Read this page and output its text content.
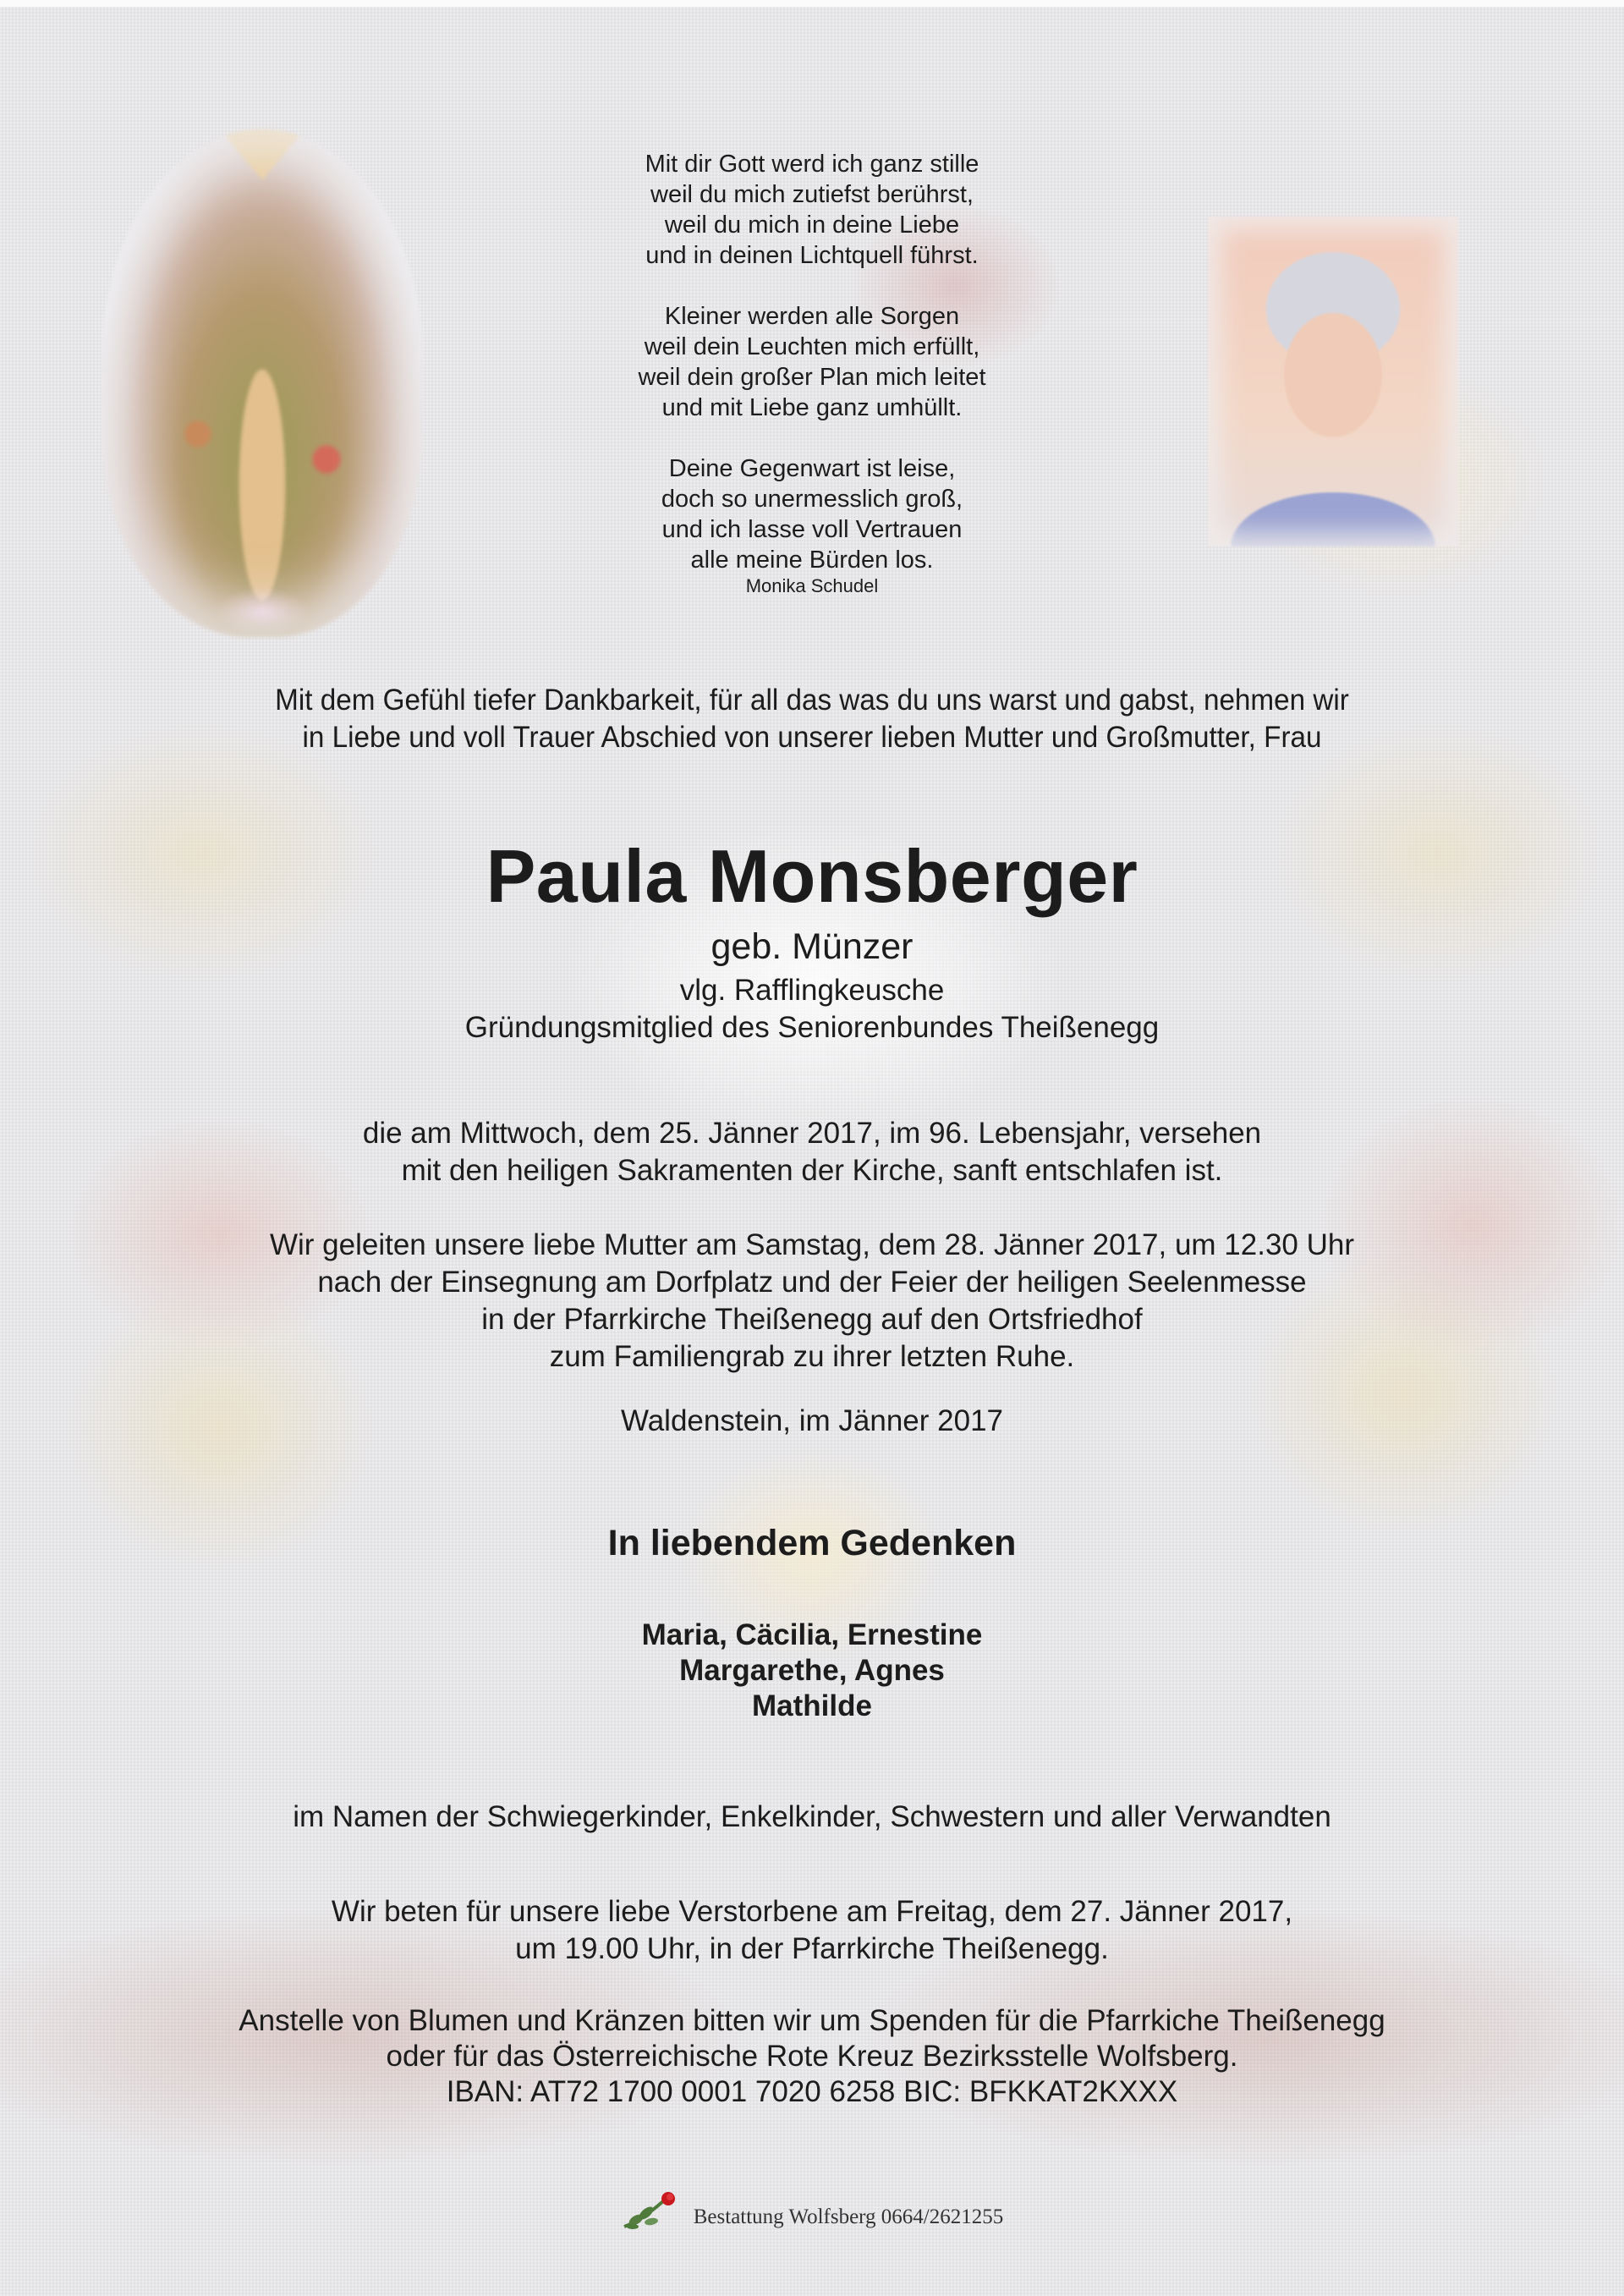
Mit dir Gott werd ich ganz stille
weil du mich zutiefst berührst,
weil du mich in deine Liebe
und in deinen Lichtquell führst.

Kleiner werden alle Sorgen
weil dein Leuchten mich erfüllt,
weil dein großer Plan mich leitet
und mit Liebe ganz umhüllt.

Deine Gegenwart ist leise,
doch so unermesslich groß,
und ich lasse voll Vertrauen
alle meine Bürden los.

Monika Schudel

Mit dem Gefühl tiefer Dankbarkeit, für all das was du uns warst und gabst, nehmen wir
in Liebe und voll Trauer Abschied von unserer lieben Mutter und Großmutter, Frau
Paula Monsberger
geb. Münzer
vlg. Rafflingkeusche
Gründungsmitglied des Seniorenbundes Theißenegg
die am Mittwoch, dem 25. Jänner 2017, im 96. Lebensjahr, versehen
mit den heiligen Sakramenten der Kirche, sanft entschlafen ist.
Wir geleiten unsere liebe Mutter am Samstag, dem 28. Jänner 2017, um 12.30 Uhr
nach der Einsegnung am Dorfplatz und der Feier der heiligen Seelenmesse
in der Pfarrkirche Theißenegg auf den Ortsfriedhof
zum Familiengrab zu ihrer letzten Ruhe.
Waldenstein, im Jänner 2017
In liebendem Gedenken
Maria, Cäcilia, Ernestine
Margarethe, Agnes
Mathilde
im Namen der Schwiegerkinder, Enkelkinder, Schwestern und aller Verwandten
Wir beten für unsere liebe Verstorbene am Freitag, dem 27. Jänner 2017,
um 19.00 Uhr, in der Pfarrkirche Theißenegg.
Anstelle von Blumen und Kränzen bitten wir um Spenden für die Pfarrkiche Theißenegg
oder für das Österreichische Rote Kreuz Bezirksstelle Wolfsberg.
IBAN: AT72 1700 0001 7020 6258 BIC: BFKKAT2KXXX
Bestattung Wolfsberg 0664/2621255
